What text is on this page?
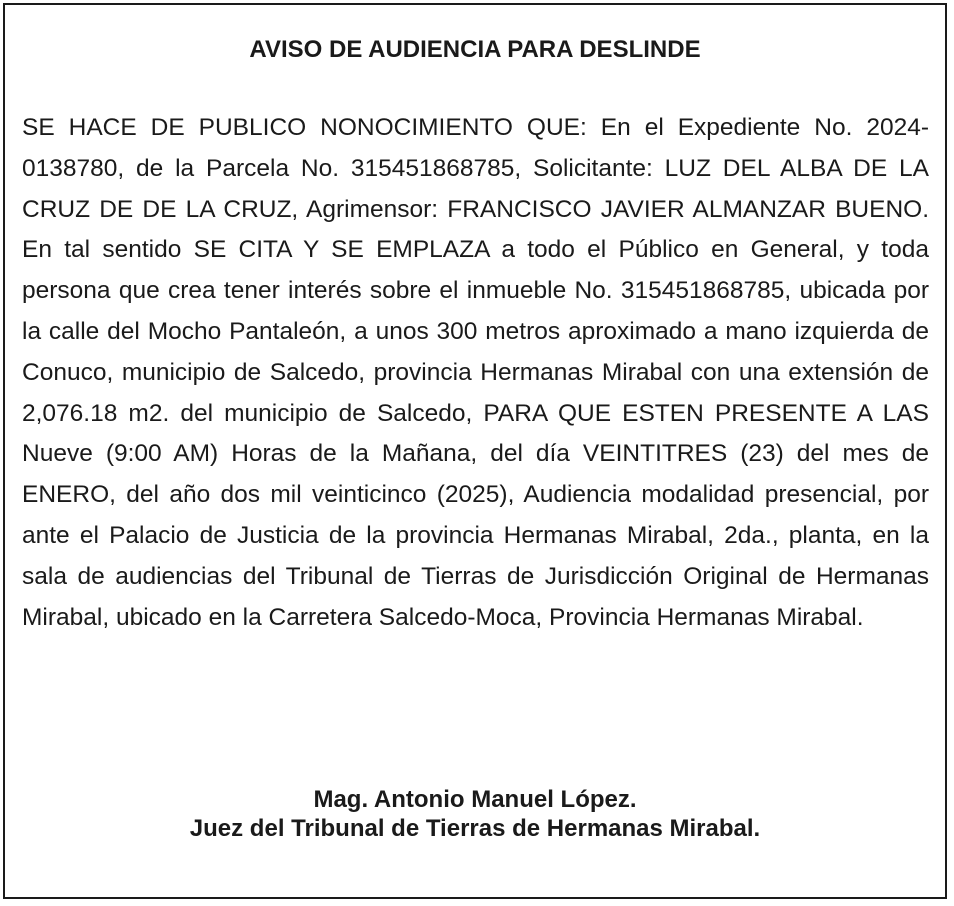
AVISO DE AUDIENCIA PARA DESLINDE

SE HACE DE PUBLICO NONOCIMIENTO QUE: En el Expediente No. 2024-0138780, de la Parcela No. 315451868785, Solicitante: LUZ DEL ALBA DE LA CRUZ DE DE LA CRUZ, Agrimensor: FRANCISCO JAVIER ALMANZAR BUENO. En tal sentido SE CITA Y SE EMPLAZA a todo el Público en General, y toda persona que crea tener interés sobre el inmueble No. 315451868785, ubicada por la calle del Mocho Pantaleón, a unos 300 metros aproximado a mano izquierda de Conuco, municipio de Salcedo, provincia Hermanas Mirabal con una extensión de 2,076.18 m2. del municipio de Salcedo, PARA QUE ESTEN PRESENTE A LAS Nueve (9:00 AM) Horas de la Mañana, del día VEINTITRES (23) del mes de ENERO, del año dos mil veinticinco (2025), Audiencia modalidad presencial, por ante el Palacio de Justicia de la provincia Hermanas Mirabal, 2da., planta, en la sala de audiencias del Tribunal de Tierras de Jurisdicción Original de Hermanas Mirabal, ubicado en la Carretera Salcedo-Moca, Provincia Hermanas Mirabal.

Mag. Antonio Manuel López.
Juez del Tribunal de Tierras de Hermanas Mirabal.
